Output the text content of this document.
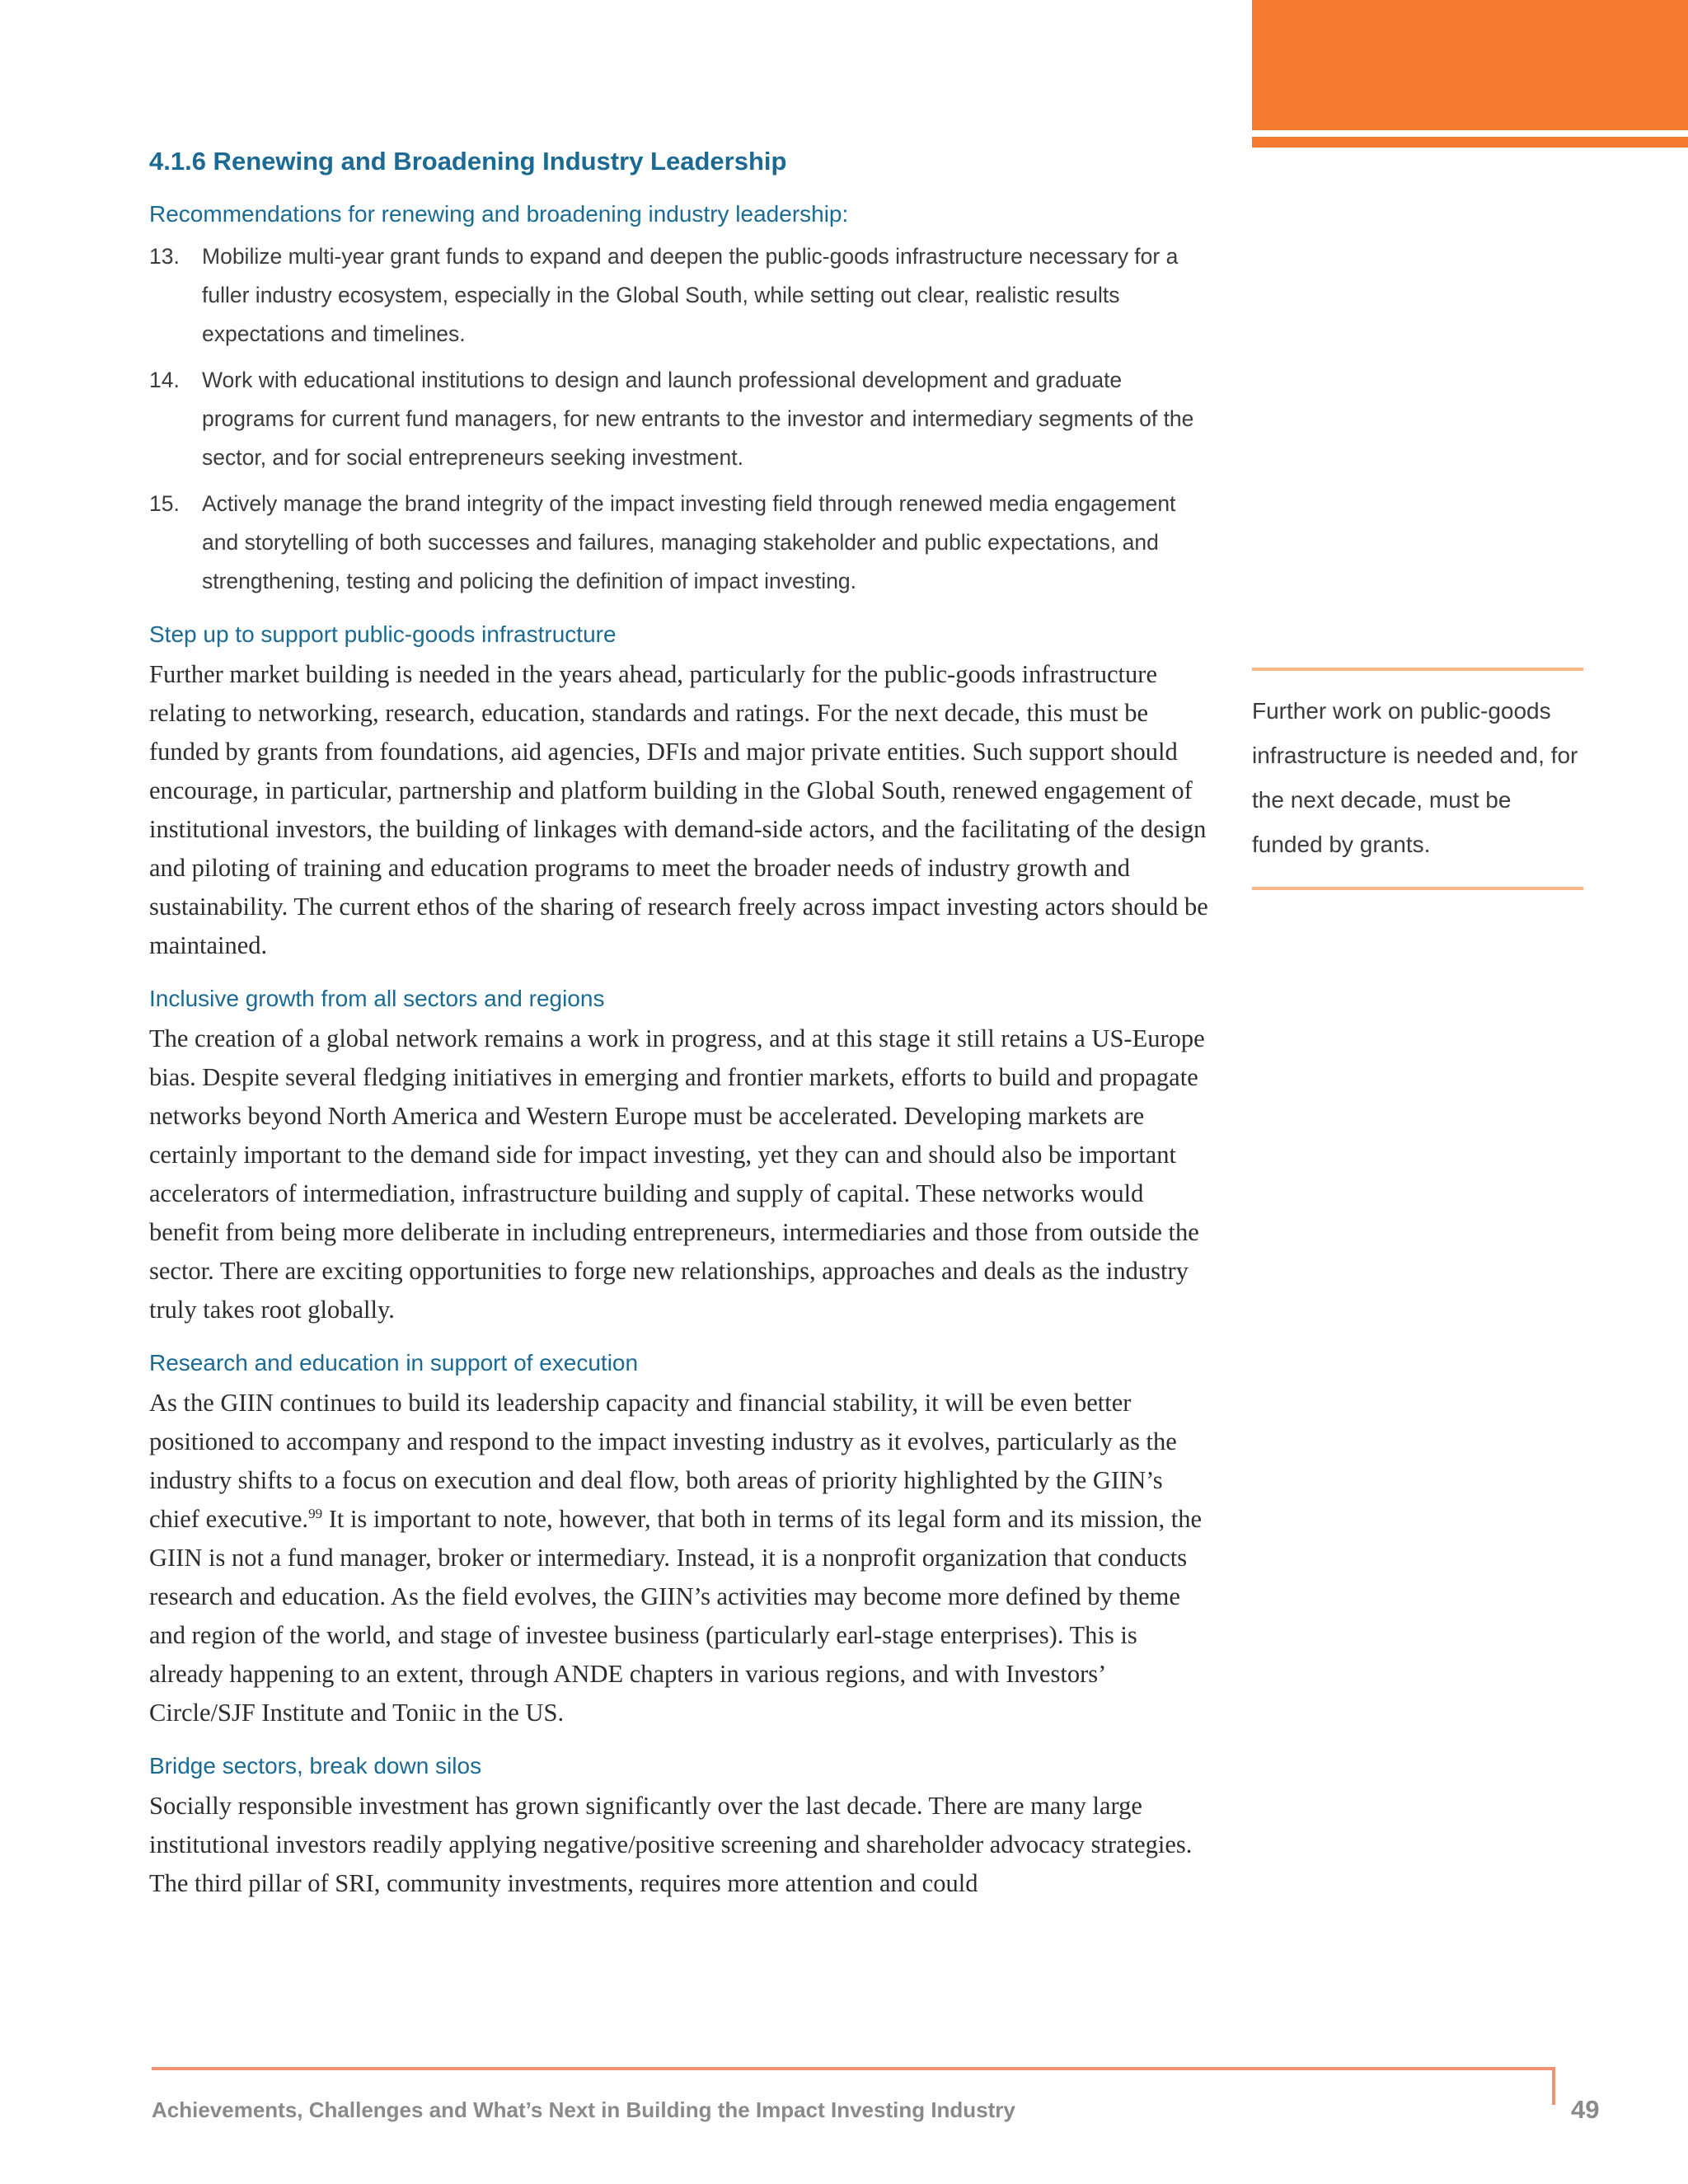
4.1.6 Renewing and Broadening Industry Leadership
Recommendations for renewing and broadening industry leadership:
13.	Mobilize multi-year grant funds to expand and deepen the public-goods infrastructure necessary for a fuller industry ecosystem, especially in the Global South, while setting out clear, realistic results expectations and timelines.
14.	Work with educational institutions to design and launch professional development and graduate programs for current fund managers, for new entrants to the investor and intermediary segments of the sector, and for social entrepreneurs seeking investment.
15.	Actively manage the brand integrity of the impact investing field through renewed media engagement and storytelling of both successes and failures, managing stakeholder and public expectations, and strengthening, testing and policing the definition of impact investing.
Step up to support public-goods infrastructure

Further market building is needed in the years ahead, particularly for the public-goods infrastructure relating to networking, research, education, standards and ratings. For the next decade, this must be funded by grants from foundations, aid agencies, DFIs and major private entities. Such support should encourage, in particular, partnership and platform building in the Global South, renewed engagement of institutional investors, the building of linkages with demand-side actors, and the facilitating of the design and piloting of training and education programs to meet the broader needs of industry growth and sustainability. The current ethos of the sharing of research freely across impact investing actors should be maintained.

Inclusive growth from all sectors and regions

The creation of a global network remains a work in progress, and at this stage it still retains a US-Europe bias. Despite several fledging initiatives in emerging and frontier markets, efforts to build and propagate networks beyond North America and Western Europe must be accelerated. Developing markets are certainly important to the demand side for impact investing, yet they can and should also be important accelerators of intermediation, infrastructure building and supply of capital. These networks would benefit from being more deliberate in including entrepreneurs, intermediaries and those from outside the sector. There are exciting opportunities to forge new relationships, approaches and deals as the industry truly takes root globally.

Research and education in support of execution

As the GIIN continues to build its leadership capacity and financial stability, it will be even better positioned to accompany and respond to the impact investing industry as it evolves, particularly as the industry shifts to a focus on execution and deal flow, both areas of priority highlighted by the GIIN’s chief executive.$^{99}$ It is important to note, however, that both in terms of its legal form and its mission, the GIIN is not a fund manager, broker or intermediary. Instead, it is a nonprofit organization that conducts research and education. As the field evolves, the GIIN’s activities may become more defined by theme and region of the world, and stage of investee business (particularly earl-stage enterprises). This is already happening to an extent, through ANDE chapters in various regions, and with Investors’ Circle/SJF Institute and Toniic in the US.

Bridge sectors, break down silos

Socially responsible investment has grown significantly over the last decade. There are many large institutional investors readily applying negative/positive screening and shareholder advocacy strategies. The third pillar of SRI, community investments, requires more attention and could

Further work on public-goods infrastructure is needed and, for the next decade, must be funded by grants.
Achievements, Challenges and What’s Next in Building the Impact Investing Industry	49
